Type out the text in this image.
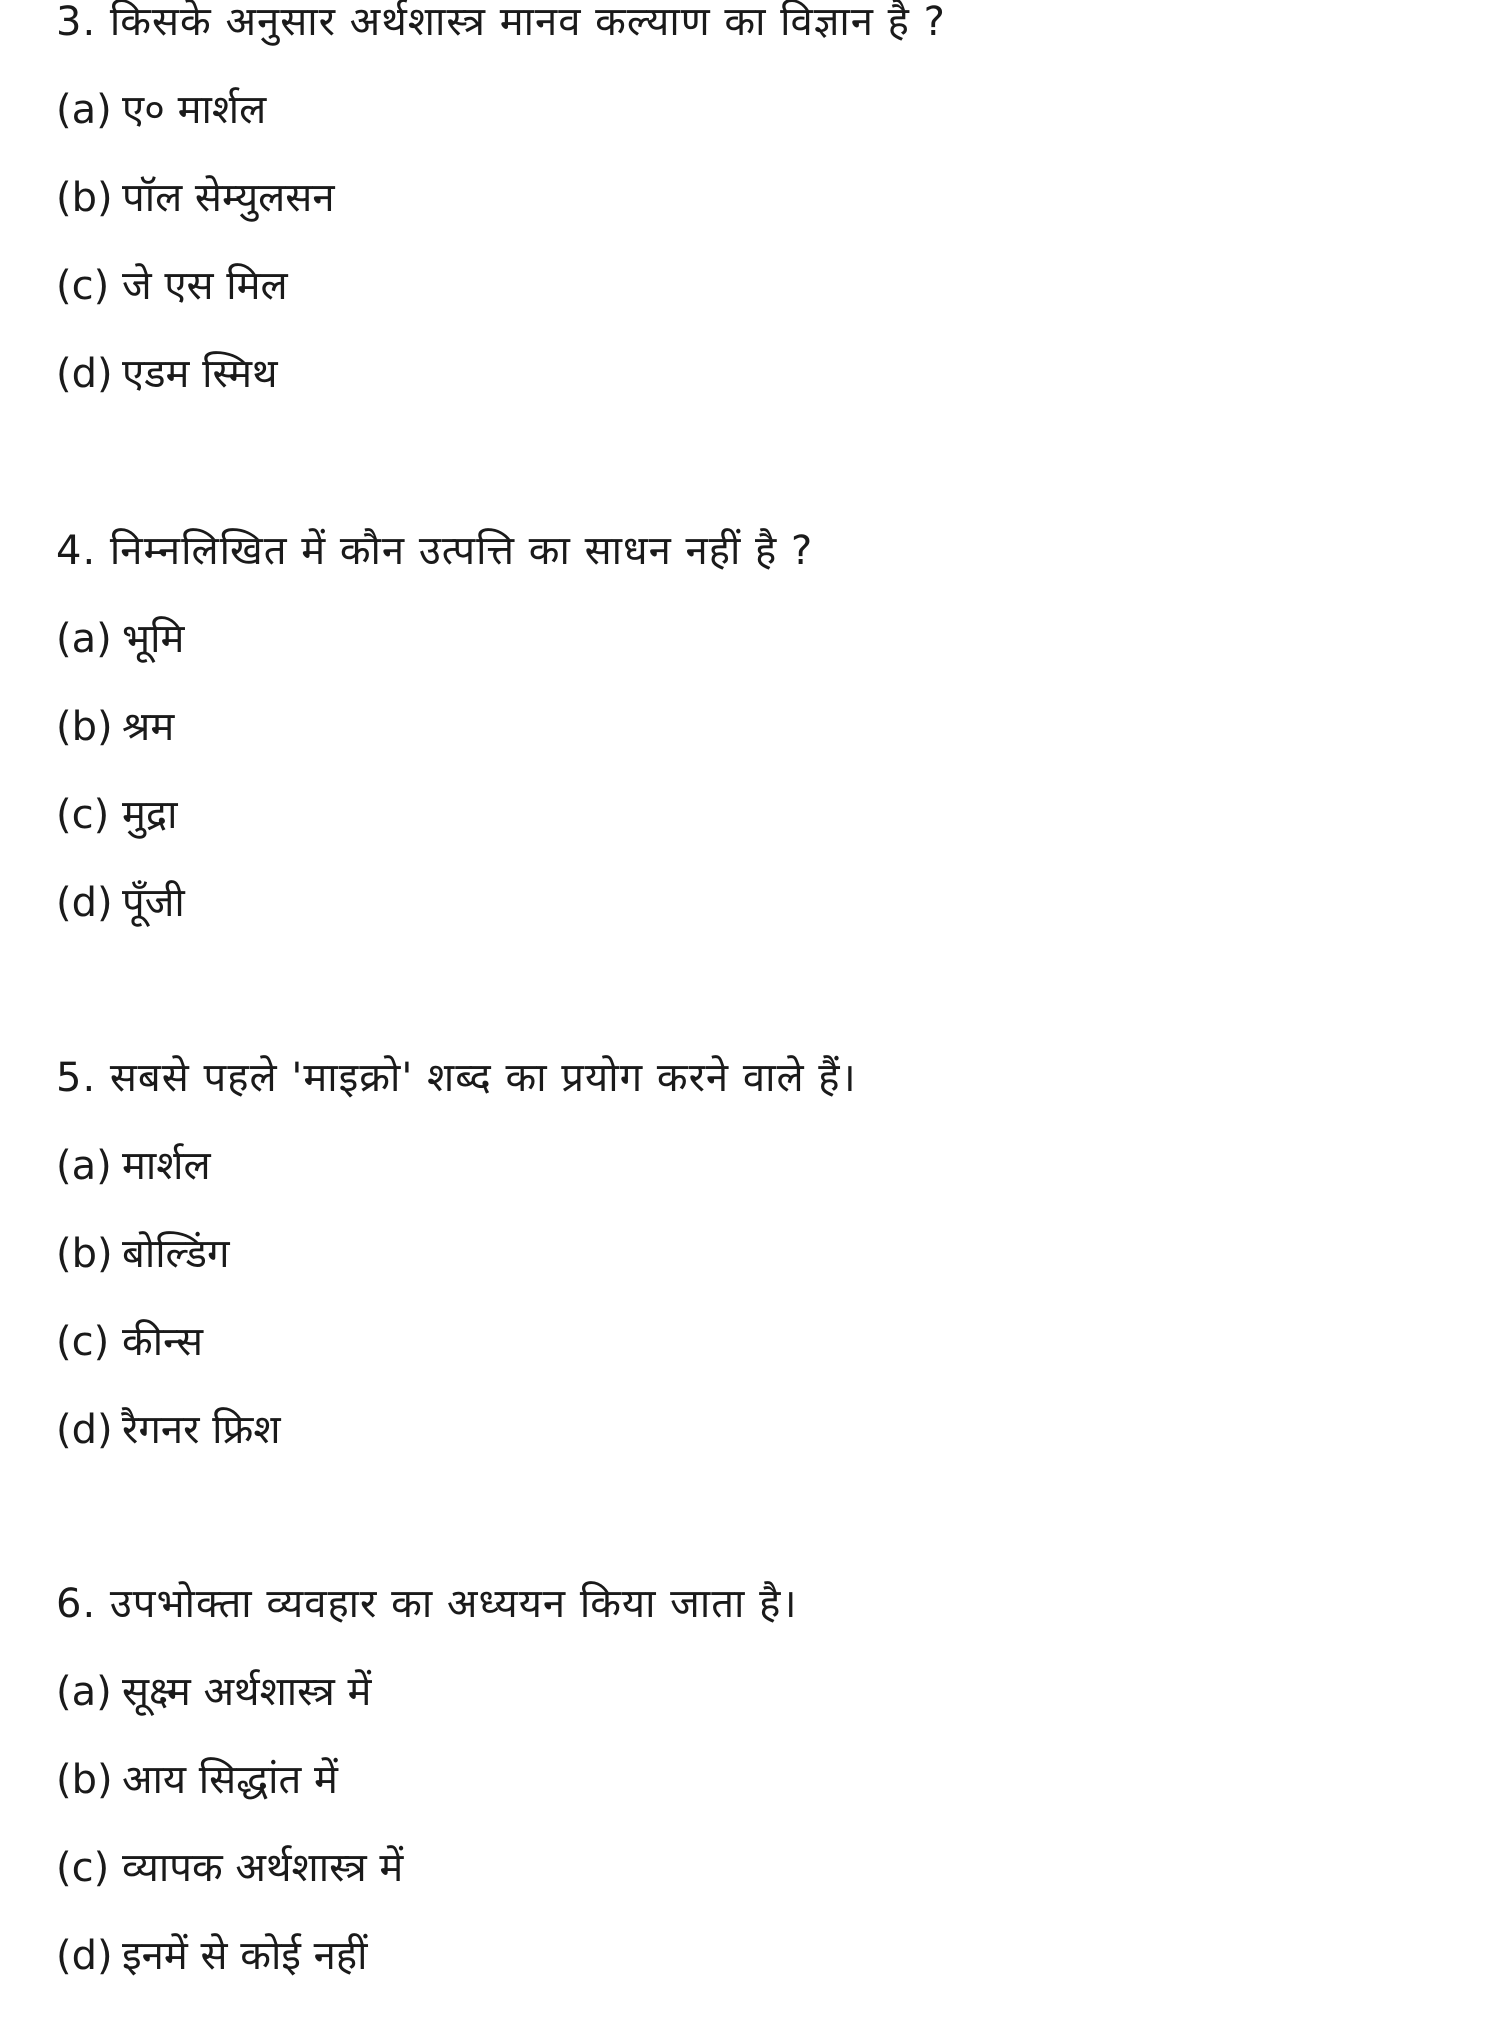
3. किसके अनुसार अर्थशास्त्र मानव कल्याण का विज्ञान है ?
(a) ए० मार्शल
(b) पॉल सेम्युलसन
(c) जे एस मिल
(d) एडम स्मिथ
4. निम्नलिखित में कौन उत्पत्ति का साधन नहीं है ?
(a) भूमि
(b) श्रम
(c) मुद्रा
(d) पूँजी
5. सबसे पहले 'माइक्रो' शब्द का प्रयोग करने वाले हैं।
(a) मार्शल
(b) बोल्डिंग
(c) कीन्स
(d) रैगनर फ्रिश
6. उपभोक्ता व्यवहार का अध्ययन किया जाता है।
(a) सूक्ष्म अर्थशास्त्र में
(b) आय सिद्धांत में
(c) व्यापक अर्थशास्त्र में
(d) इनमें से कोई नहीं
